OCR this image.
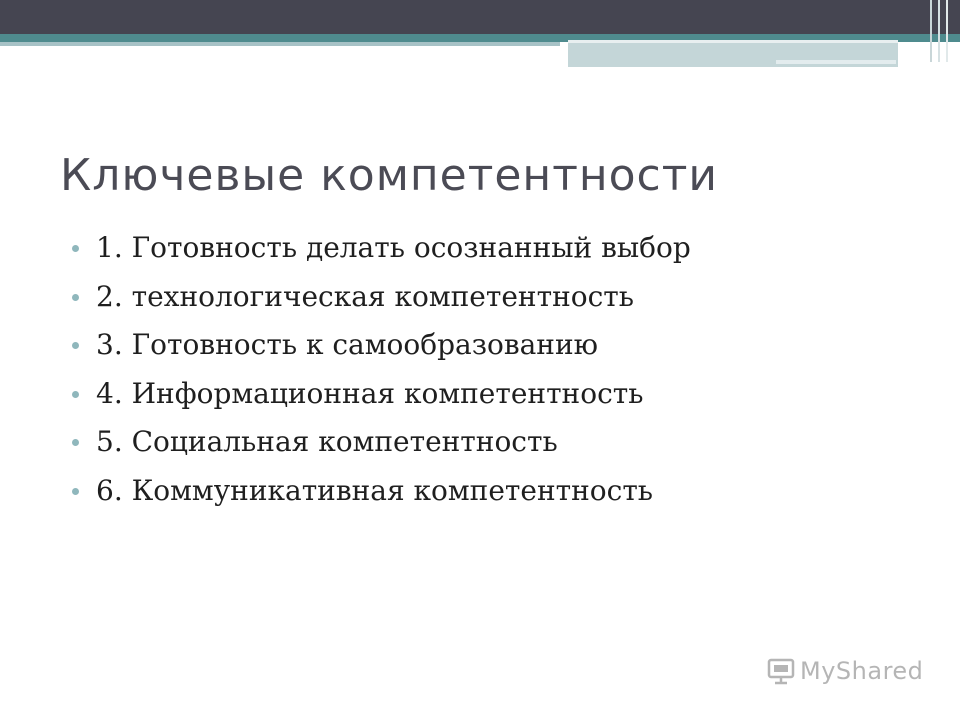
Ключевые компетентности
1. Готовность делать осознанный выбор
2. технологическая компетентность
3. Готовность к самообразованию
4. Информационная компетентность
5. Социальная компетентность
6. Коммуникативная компетентность
MyShared
